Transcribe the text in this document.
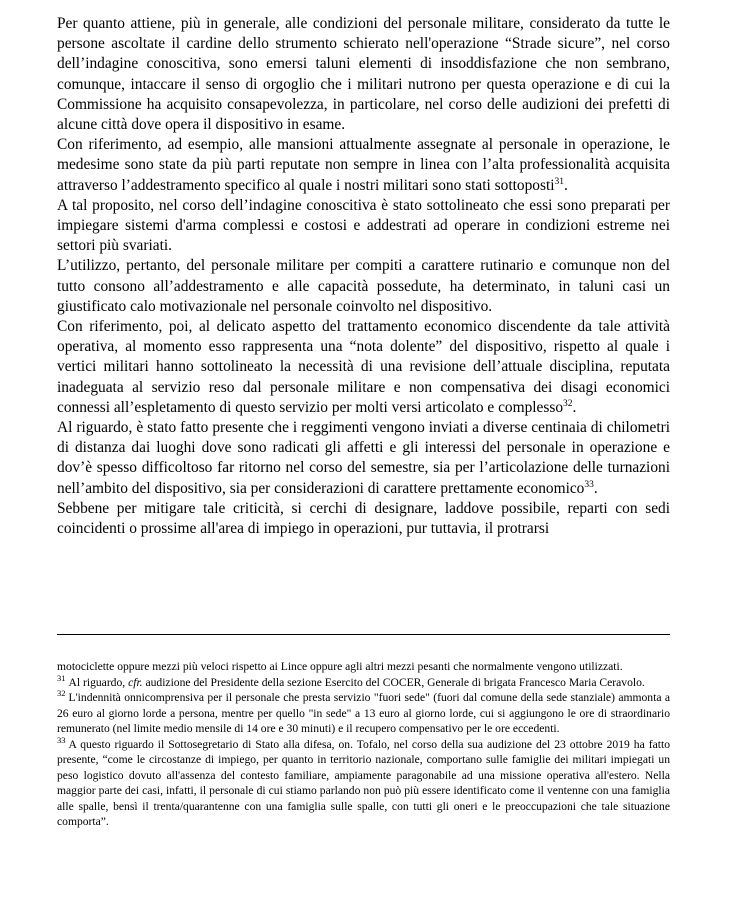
Per quanto attiene, più in generale, alle condizioni del personale militare, considerato da tutte le persone ascoltate il cardine dello strumento schierato nell'operazione “Strade sicure”, nel corso dell’indagine conoscitiva, sono emersi taluni elementi di insoddisfazione che non sembrano, comunque, intaccare il senso di orgoglio che i militari nutrono per questa operazione e di cui la Commissione ha acquisito consapevolezza, in particolare, nel corso delle audizioni dei prefetti di alcune città dove opera il dispositivo in esame.

Con riferimento, ad esempio, alle mansioni attualmente assegnate al personale in operazione, le medesime sono state da più parti reputate non sempre in linea con l’alta professionalità acquisita attraverso l’addestramento specifico al quale i nostri militari sono stati sottoposti$^{31}$.

A tal proposito, nel corso dell’indagine conoscitiva è stato sottolineato che essi sono preparati per impiegare sistemi d'arma complessi e costosi e addestrati ad operare in condizioni estreme nei settori più svariati.

L’utilizzo, pertanto, del personale militare per compiti a carattere rutinario e comunque non del tutto consono all’addestramento e alle capacità possedute, ha determinato, in taluni casi un giustificato calo motivazionale nel personale coinvolto nel dispositivo.

Con riferimento, poi, al delicato aspetto del trattamento economico discendente da tale attività operativa, al momento esso rappresenta una “nota dolente” del dispositivo, rispetto al quale i vertici militari hanno sottolineato la necessità di una revisione dell’attuale disciplina, reputata inadeguata al servizio reso dal personale militare e non compensativa dei disagi economici connessi all’espletamento di questo servizio per molti versi articolato e complesso$^{32}$.

Al riguardo, è stato fatto presente che i reggimenti vengono inviati a diverse centinaia di chilometri di distanza dai luoghi dove sono radicati gli affetti e gli interessi del personale in operazione e dov’è spesso difficoltoso far ritorno nel corso del semestre, sia per l’articolazione delle turnazioni nell’ambito del dispositivo, sia per considerazioni di carattere prettamente economico$^{33}$.

Sebbene per mitigare tale criticità, si cerchi di designare, laddove possibile, reparti con sedi coincidenti o prossime all'area di impiego in operazioni, pur tuttavia, il protrarsi

motociclette oppure mezzi più veloci rispetto ai Lince oppure agli altri mezzi pesanti che normalmente vengono utilizzati.

$^{31}$ Al riguardo, cfr. audizione del Presidente della sezione Esercito del COCER, Generale di brigata Francesco Maria Ceravolo.

$^{32}$ L'indennità onnicomprensiva per il personale che presta servizio "fuori sede" (fuori dal comune della sede stanziale) ammonta a 26 euro al giorno lorde a persona, mentre per quello "in sede" a 13 euro al giorno lorde, cui si aggiungono le ore di straordinario remunerato (nel limite medio mensile di 14 ore e 30 minuti) e il recupero compensativo per le ore eccedenti.

$^{33}$ A questo riguardo il Sottosegretario di Stato alla difesa, on. Tofalo, nel corso della sua audizione del 23 ottobre 2019 ha fatto presente, “come le circostanze di impiego, per quanto in territorio nazionale, comportano sulle famiglie dei militari impiegati un peso logistico dovuto all'assenza del contesto familiare, ampiamente paragonabile ad una missione operativa all'estero. Nella maggior parte dei casi, infatti, il personale di cui stiamo parlando non può più essere identificato come il ventenne con una famiglia alle spalle, bensì il trenta/quarantenne con una famiglia sulle spalle, con tutti gli oneri e le preoccupazioni che tale situazione comporta”.
